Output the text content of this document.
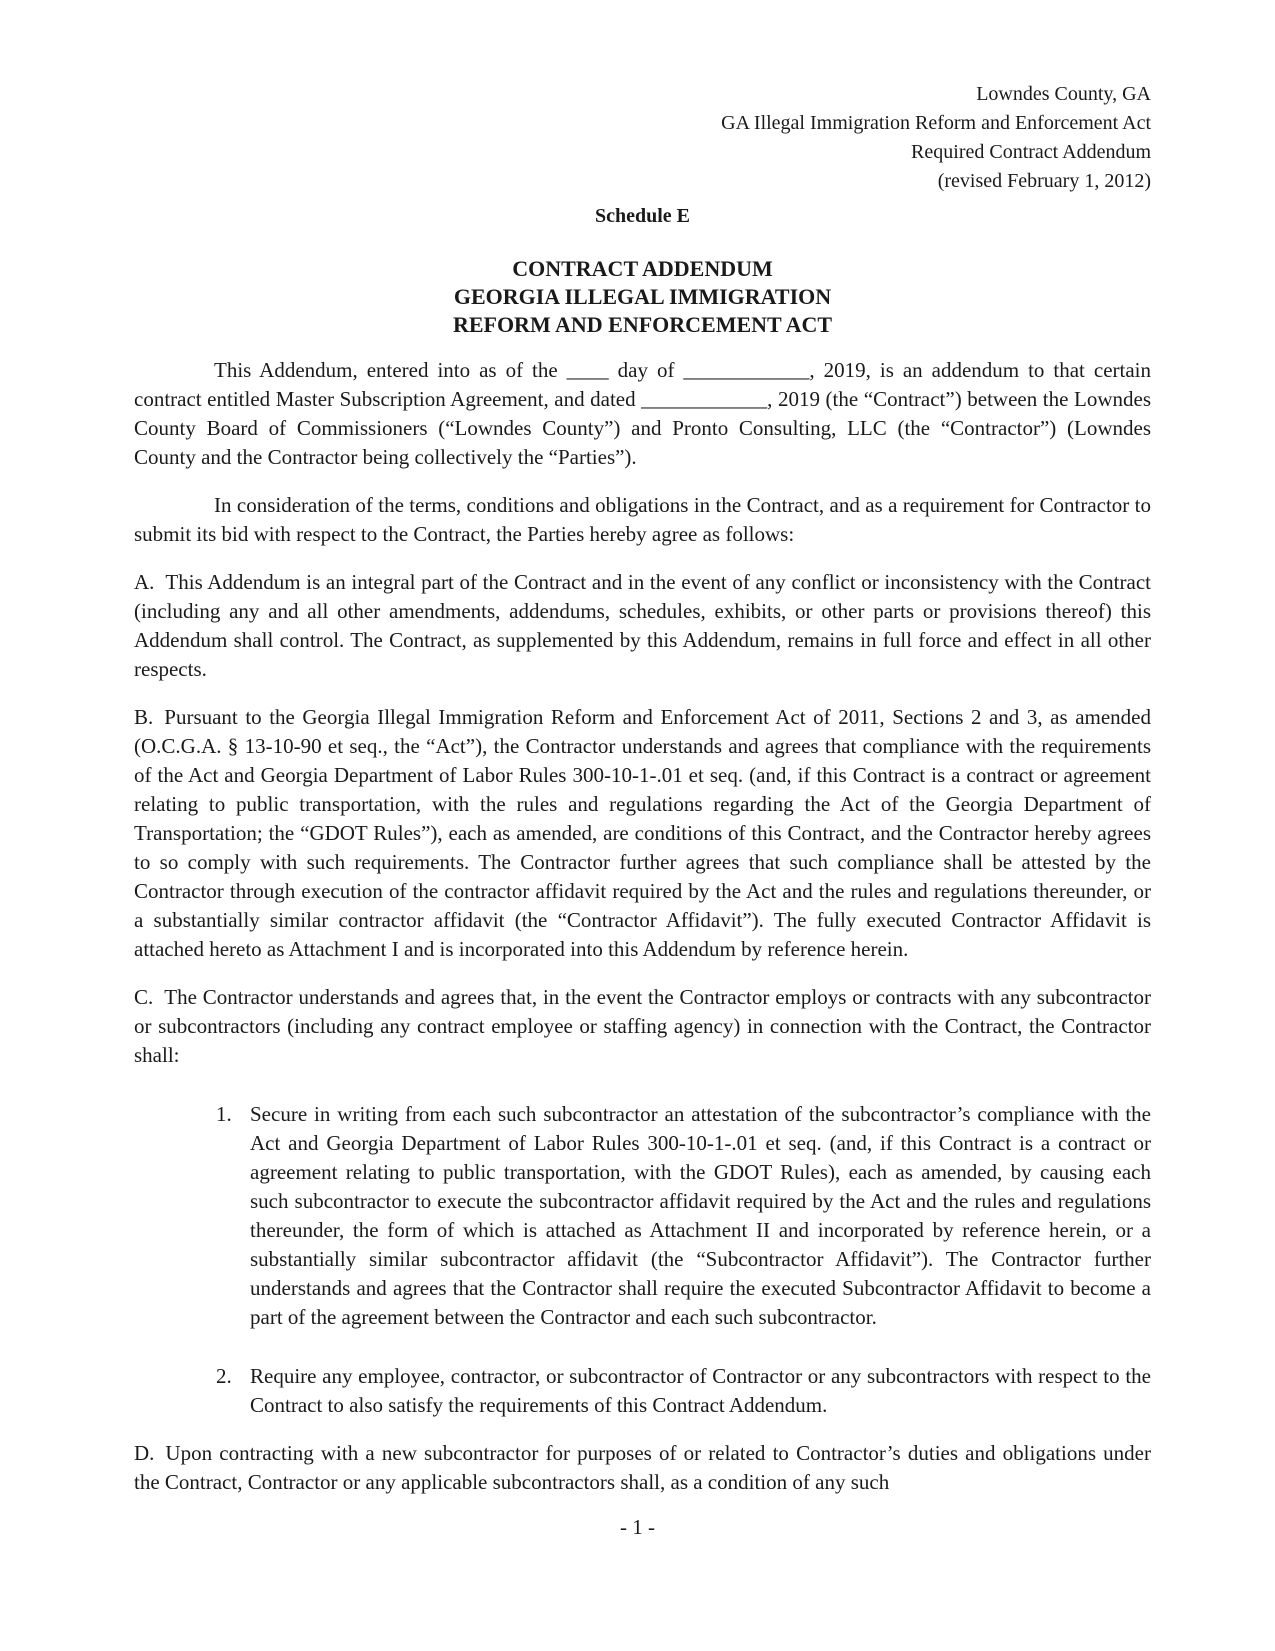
Lowndes County, GA
GA Illegal Immigration Reform and Enforcement Act
Required Contract Addendum
(revised February 1, 2012)
Schedule E
CONTRACT ADDENDUM
GEORGIA ILLEGAL IMMIGRATION
REFORM AND ENFORCEMENT ACT

This Addendum, entered into as of the ____ day of ____________, 2019, is an addendum to that certain contract entitled Master Subscription Agreement, and dated ____________, 2019 (the “Contract”) between the Lowndes County Board of Commissioners (“Lowndes County”) and Pronto Consulting, LLC (the “Contractor”) (Lowndes County and the Contractor being collectively the “Parties”).

In consideration of the terms, conditions and obligations in the Contract, and as a requirement for Contractor to submit its bid with respect to the Contract, the Parties hereby agree as follows:

A. This Addendum is an integral part of the Contract and in the event of any conflict or inconsistency with the Contract (including any and all other amendments, addendums, schedules, exhibits, or other parts or provisions thereof) this Addendum shall control. The Contract, as supplemented by this Addendum, remains in full force and effect in all other respects.

B. Pursuant to the Georgia Illegal Immigration Reform and Enforcement Act of 2011, Sections 2 and 3, as amended (O.C.G.A. § 13-10-90 et seq., the “Act”), the Contractor understands and agrees that compliance with the requirements of the Act and Georgia Department of Labor Rules 300-10-1-.01 et seq. (and, if this Contract is a contract or agreement relating to public transportation, with the rules and regulations regarding the Act of the Georgia Department of Transportation; the “GDOT Rules”), each as amended, are conditions of this Contract, and the Contractor hereby agrees to so comply with such requirements. The Contractor further agrees that such compliance shall be attested by the Contractor through execution of the contractor affidavit required by the Act and the rules and regulations thereunder, or a substantially similar contractor affidavit (the “Contractor Affidavit”). The fully executed Contractor Affidavit is attached hereto as Attachment I and is incorporated into this Addendum by reference herein.

C. The Contractor understands and agrees that, in the event the Contractor employs or contracts with any subcontractor or subcontractors (including any contract employee or staffing agency) in connection with the Contract, the Contractor shall:

1. Secure in writing from each such subcontractor an attestation of the subcontractor’s compliance with the Act and Georgia Department of Labor Rules 300-10-1-.01 et seq. (and, if this Contract is a contract or agreement relating to public transportation, with the GDOT Rules), each as amended, by causing each such subcontractor to execute the subcontractor affidavit required by the Act and the rules and regulations thereunder, the form of which is attached as Attachment II and incorporated by reference herein, or a substantially similar subcontractor affidavit (the “Subcontractor Affidavit”). The Contractor further understands and agrees that the Contractor shall require the executed Subcontractor Affidavit to become a part of the agreement between the Contractor and each such subcontractor.
2. Require any employee, contractor, or subcontractor of Contractor or any subcontractors with respect to the Contract to also satisfy the requirements of this Contract Addendum.

D. Upon contracting with a new subcontractor for purposes of or related to Contractor’s duties and obligations under the Contract, Contractor or any applicable subcontractors shall, as a condition of any such

- 1 -
